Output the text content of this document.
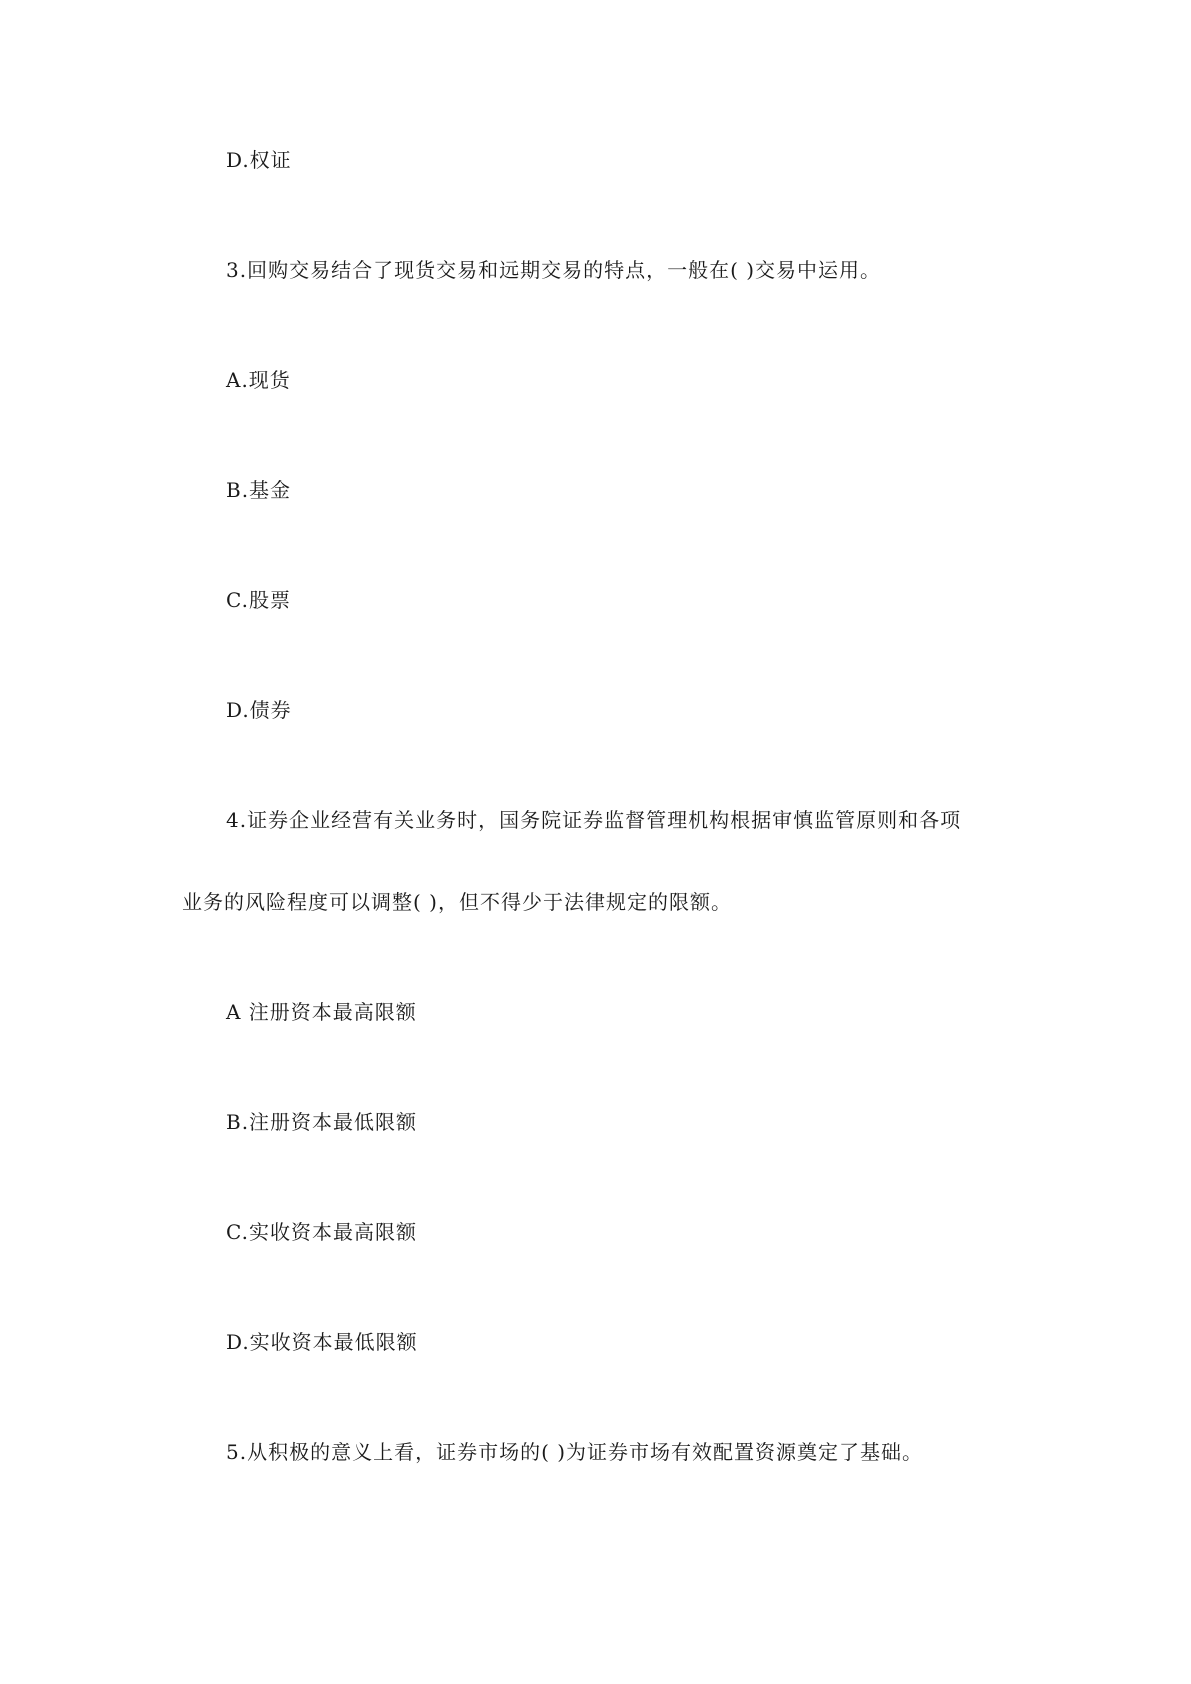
D.权证
3.回购交易结合了现货交易和远期交易的特点，一般在( )交易中运用。
A.现货
B.基金
C.股票
D.债券
4.证券企业经营有关业务时，国务院证券监督管理机构根据审慎监管原则和各项
业务的风险程度可以调整( )，但不得少于法律规定的限额。
A 注册资本最高限额
B.注册资本最低限额
C.实收资本最高限额
D.实收资本最低限额
5.从积极的意义上看，证券市场的( )为证券市场有效配置资源奠定了基础。
